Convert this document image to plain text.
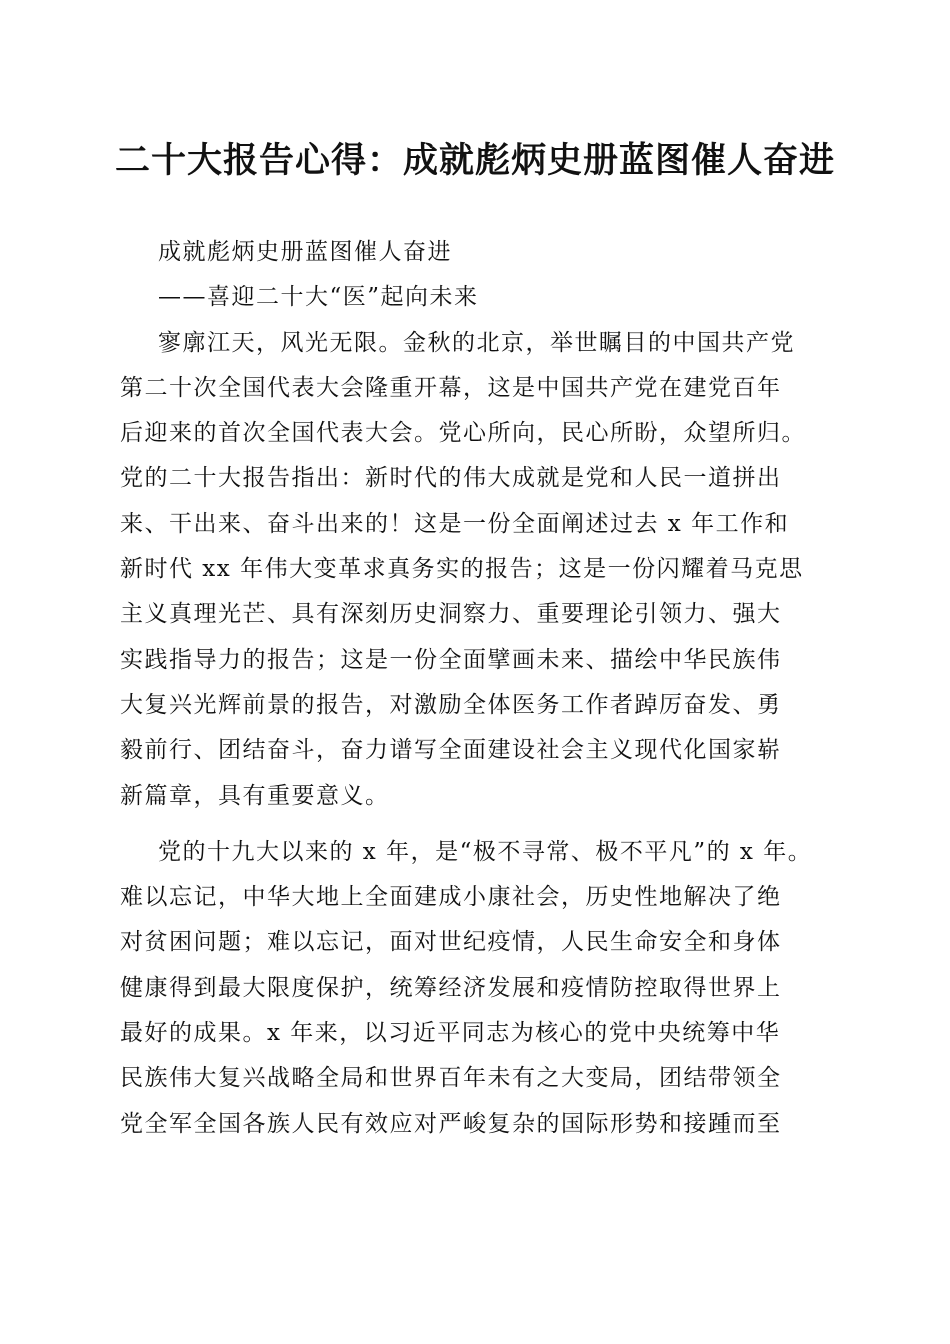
二十大报告心得：成就彪炳史册蓝图催人奋进
成就彪炳史册蓝图催人奋进
——喜迎二十大“医”起向未来
寥廓江天，风光无限。金秋的北京，举世瞩目的中国共产党
第二十次全国代表大会隆重开幕，这是中国共产党在建党百年
后迎来的首次全国代表大会。党心所向，民心所盼，众望所归。
党的二十大报告指出：新时代的伟大成就是党和人民一道拼出
来、干出来、奋斗出来的！这是一份全面阐述过去 x 年工作和
新时代 xx 年伟大变革求真务实的报告；这是一份闪耀着马克思
主义真理光芒、具有深刻历史洞察力、重要理论引领力、强大
实践指导力的报告；这是一份全面擘画未来、描绘中华民族伟
大复兴光辉前景的报告，对激励全体医务工作者踔厉奋发、勇
毅前行、团结奋斗，奋力谱写全面建设社会主义现代化国家崭
新篇章，具有重要意义。
党的十九大以来的 x 年，是“极不寻常、极不平凡”的 x 年。
难以忘记，中华大地上全面建成小康社会，历史性地解决了绝
对贫困问题；难以忘记，面对世纪疫情，人民生命安全和身体
健康得到最大限度保护，统筹经济发展和疫情防控取得世界上
最好的成果。x 年来，以习近平同志为核心的党中央统筹中华
民族伟大复兴战略全局和世界百年未有之大变局，团结带领全
党全军全国各族人民有效应对严峻复杂的国际形势和接踵而至
